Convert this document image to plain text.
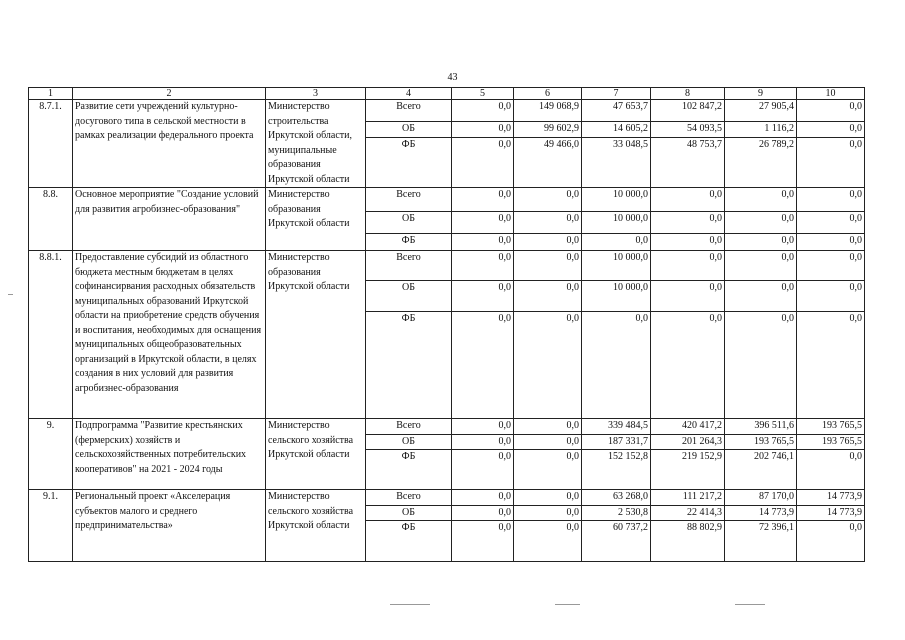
43
1	2	3	4	5	6	7	8	9	10
8.7.1.	Развитие сети учреждений культурно-досугового типа в сельской местности в рамках реализации федерального проекта	Министерство строительства Иркутской области, муниципальные образования Иркутской области	Всего	0,0	149 068,9	47 653,7	102 847,2	27 905,4	0,0
			ОБ	0,0	99 602,9	14 605,2	54 093,5	1 116,2	0,0
			ФБ	0,0	49 466,0	33 048,5	48 753,7	26 789,2	0,0
8.8.	Основное мероприятие "Создание условий для развития агробизнес-образования"	Министерство образования Иркутской области	Всего	0,0	0,0	10 000,0	0,0	0,0	0,0
			ОБ	0,0	0,0	10 000,0	0,0	0,0	0,0
			ФБ	0,0	0,0	0,0	0,0	0,0	0,0
8.8.1.	Предоставление субсидий из областного бюджета местным бюджетам в целях софинансирвания расходных обязательств муниципальных образований Иркутской области на приобретение средств обучения и воспитания, необходимых для оснащения муниципальных общеобразовательных организаций в Иркутской области, в целях создания в них условий для развития агробизнес-образования	Министерство образования Иркутской области	Всего	0,0	0,0	10 000,0	0,0	0,0	0,0
			ОБ	0,0	0,0	10 000,0	0,0	0,0	0,0
			ФБ	0,0	0,0	0,0	0,0	0,0	0,0
9.	Подпрограмма "Развитие крестьянских (фермерских) хозяйств и сельскохозяйственных потребительских кооперативов" на 2021 - 2024 годы	Министерство сельского хозяйства Иркутской области	Всего	0,0	0,0	339 484,5	420 417,2	396 511,6	193 765,5
			ОБ	0,0	0,0	187 331,7	201 264,3	193 765,5	193 765,5
			ФБ	0,0	0,0	152 152,8	219 152,9	202 746,1	0,0
9.1.	Региональный проект «Акселерация субъектов малого и среднего предпринимательства»	Министерство сельского хозяйства Иркутской области	Всего	0,0	0,0	63 268,0	111 217,2	87 170,0	14 773,9
			ОБ	0,0	0,0	2 530,8	22 414,3	14 773,9	14 773,9
			ФБ	0,0	0,0	60 737,2	88 802,9	72 396,1	0,0
